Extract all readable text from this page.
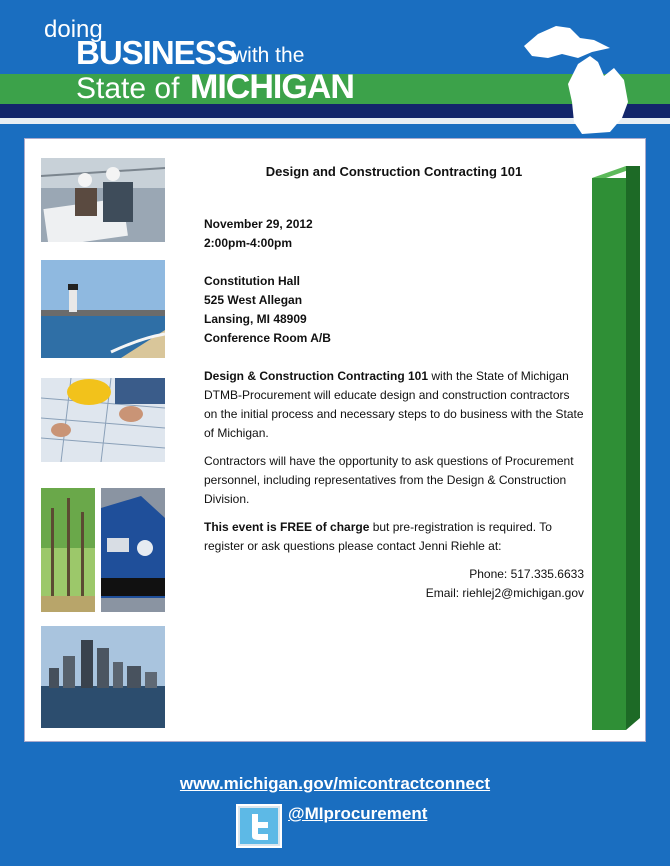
doing
BUSINESS
with the
State of MICHIGAN
Design and Construction Contracting 101
November 29, 2012
2:00pm-4:00pm
Constitution Hall
525 West Allegan
Lansing, MI 48909
Conference Room A/B
Design & Construction Contracting 101 with the State of Michigan DTMB-Procurement will educate design and construction contractors on the initial process and necessary steps to do business with the State of Michigan.
Contractors will have the opportunity to ask questions of Procurement personnel, including representatives from the Design & Construction Division.
This event is FREE of charge but pre-registration is required. To register or ask questions please contact Jenni Riehle at:
Phone: 517.335.6633
Email: riehlej2@michigan.gov
www.michigan.gov/micontractconnect
@MIprocurement
